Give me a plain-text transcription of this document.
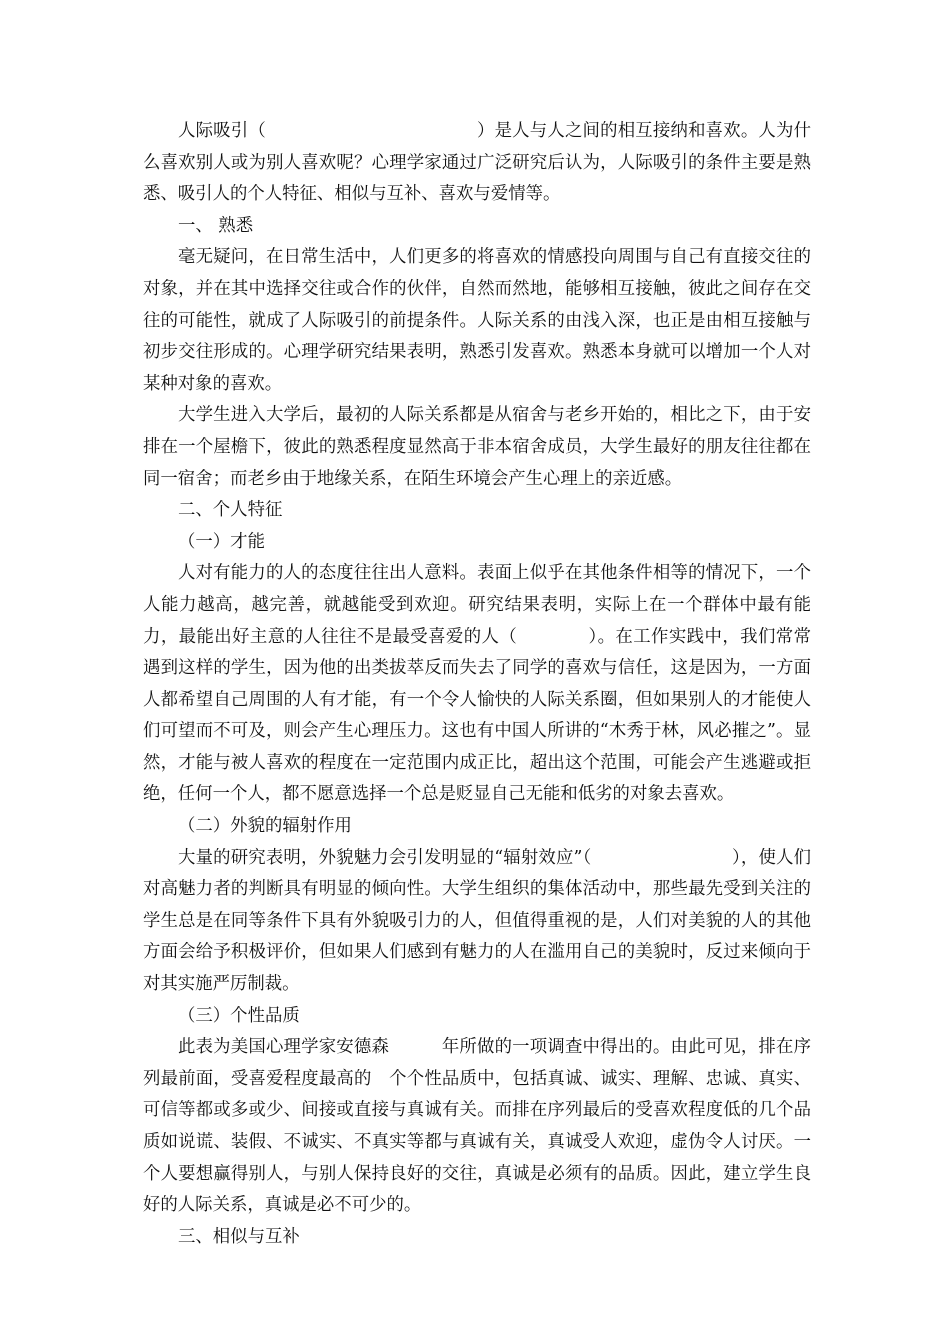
人际吸引（　　　　　　　　　　　　）是人与人之间的相互接纳和喜欢。人为什么喜欢别人或为别人喜欢呢？心理学家通过广泛研究后认为，人际吸引的条件主要是熟悉、吸引人的个人特征、相似与互补、喜欢与爱情等。

一、 熟悉

毫无疑问，在日常生活中，人们更多的将喜欢的情感投向周围与自己有直接交往的对象，并在其中选择交往或合作的伙伴，自然而然地，能够相互接触，彼此之间存在交往的可能性，就成了人际吸引的前提条件。人际关系的由浅入深，也正是由相互接触与初步交往形成的。心理学研究结果表明，熟悉引发喜欢。熟悉本身就可以增加一个人对某种对象的喜欢。

大学生进入大学后，最初的人际关系都是从宿舍与老乡开始的，相比之下，由于安排在一个屋檐下，彼此的熟悉程度显然高于非本宿舍成员，大学生最好的朋友往往都在同一宿舍；而老乡由于地缘关系，在陌生环境会产生心理上的亲近感。

二、个人特征

（一）才能

人对有能力的人的态度往往出人意料。表面上似乎在其他条件相等的情况下，一个人能力越高，越完善，就越能受到欢迎。研究结果表明，实际上在一个群体中最有能力，最能出好主意的人往往不是最受喜爱的人（　　　　）。在工作实践中，我们常常遇到这样的学生，因为他的出类拔萃反而失去了同学的喜欢与信任，这是因为，一方面人都希望自己周围的人有才能，有一个令人愉快的人际关系圈，但如果别人的才能使人们可望而不可及，则会产生心理压力。这也有中国人所讲的“木秀于林，风必摧之”。显然，才能与被人喜欢的程度在一定范围内成正比，超出这个范围，可能会产生逃避或拒绝，任何一个人，都不愿意选择一个总是贬显自己无能和低劣的对象去喜欢。

（二）外貌的辐射作用

大量的研究表明，外貌魅力会引发明显的“辐射效应”（　　　　　　　　），使人们对高魅力者的判断具有明显的倾向性。大学生组织的集体活动中，那些最先受到关注的学生总是在同等条件下具有外貌吸引力的人，但值得重视的是，人们对美貌的人的其他方面会给予积极评价，但如果人们感到有魅力的人在滥用自己的美貌时，反过来倾向于对其实施严厉制裁。

（三）个性品质

此表为美国心理学家安德森　　　年所做的一项调查中得出的。由此可见，排在序列最前面，受喜爱程度最高的　个个性品质中，包括真诚、诚实、理解、忠诚、真实、可信等都或多或少、间接或直接与真诚有关。而排在序列最后的受喜欢程度低的几个品质如说谎、装假、不诚实、不真实等都与真诚有关，真诚受人欢迎，虚伪令人讨厌。一个人要想赢得别人，与别人保持良好的交往，真诚是必须有的品质。因此，建立学生良好的人际关系，真诚是必不可少的。

三、相似与互补
